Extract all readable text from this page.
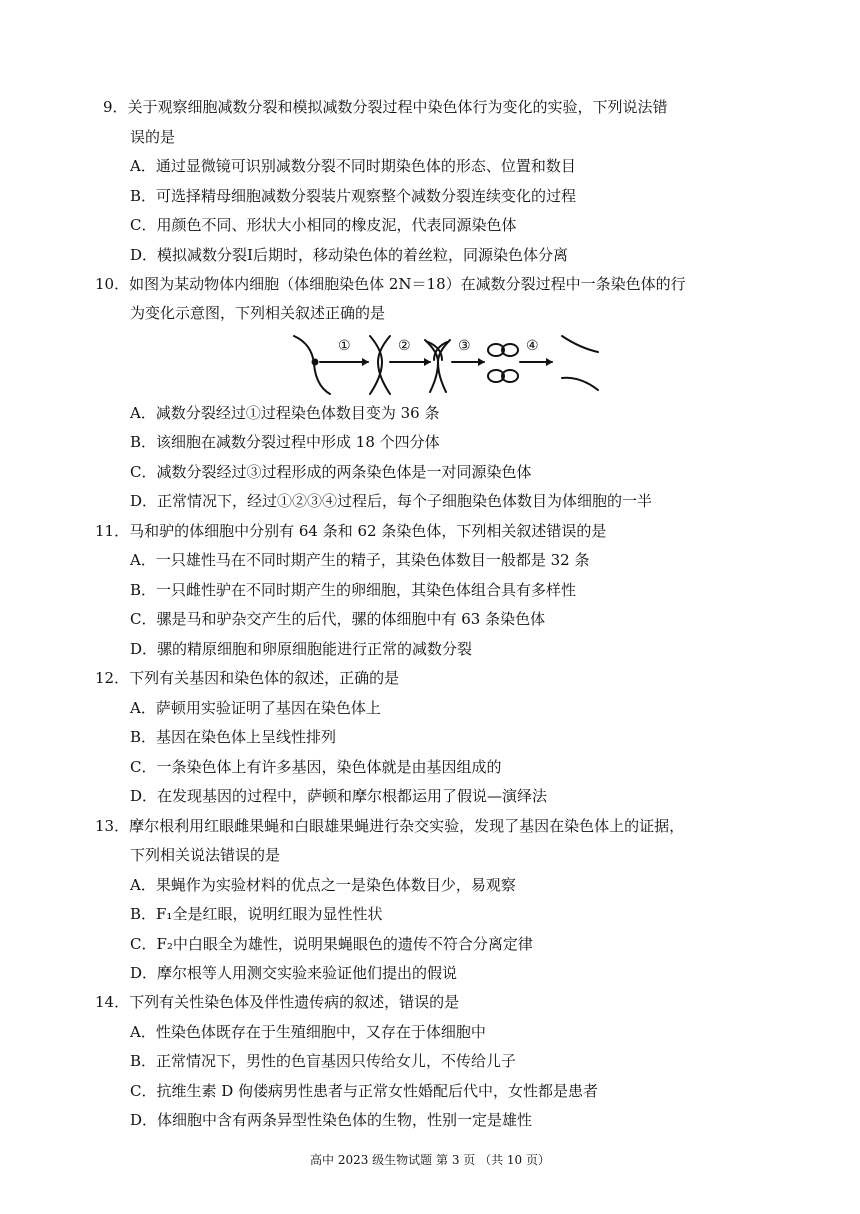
9．关于观察细胞减数分裂和模拟减数分裂过程中染色体行为变化的实验，下列说法错
误的是
A．通过显微镜可识别减数分裂不同时期染色体的形态、位置和数目
B．可选择精母细胞减数分裂装片观察整个减数分裂连续变化的过程
C．用颜色不同、形状大小相同的橡皮泥，代表同源染色体
D．模拟减数分裂Ⅰ后期时，移动染色体的着丝粒，同源染色体分离
10．如图为某动物体内细胞（体细胞染色体 2N＝18）在减数分裂过程中一条染色体的行
为变化示意图，下列相关叙述正确的是
①	②	③	④
A．减数分裂经过①过程染色体数目变为 36 条
B．该细胞在减数分裂过程中形成 18 个四分体
C．减数分裂经过③过程形成的两条染色体是一对同源染色体
D．正常情况下，经过①②③④过程后，每个子细胞染色体数目为体细胞的一半
11．马和驴的体细胞中分别有 64 条和 62 条染色体，下列相关叙述错误的是
A．一只雄性马在不同时期产生的精子，其染色体数目一般都是 32 条
B．一只雌性驴在不同时期产生的卵细胞，其染色体组合具有多样性
C．骡是马和驴杂交产生的后代，骡的体细胞中有 63 条染色体
D．骡的精原细胞和卵原细胞能进行正常的减数分裂
12．下列有关基因和染色体的叙述，正确的是
A．萨顿用实验证明了基因在染色体上
B．基因在染色体上呈线性排列
C．一条染色体上有许多基因，染色体就是由基因组成的
D．在发现基因的过程中，萨顿和摩尔根都运用了假说—演绎法
13．摩尔根利用红眼雌果蝇和白眼雄果蝇进行杂交实验，发现了基因在染色体上的证据，
下列相关说法错误的是
A．果蝇作为实验材料的优点之一是染色体数目少，易观察
B．F₁全是红眼，说明红眼为显性性状
C．F₂中白眼全为雄性，说明果蝇眼色的遗传不符合分离定律
D．摩尔根等人用测交实验来验证他们提出的假说
14．下列有关性染色体及伴性遗传病的叙述，错误的是
A．性染色体既存在于生殖细胞中，又存在于体细胞中
B．正常情况下，男性的色盲基因只传给女儿，不传给儿子
C．抗维生素 D 佝偻病男性患者与正常女性婚配后代中，女性都是患者
D．体细胞中含有两条异型性染色体的生物，性别一定是雄性
高中 2023 级生物试题 第 3 页 （共 10 页）
